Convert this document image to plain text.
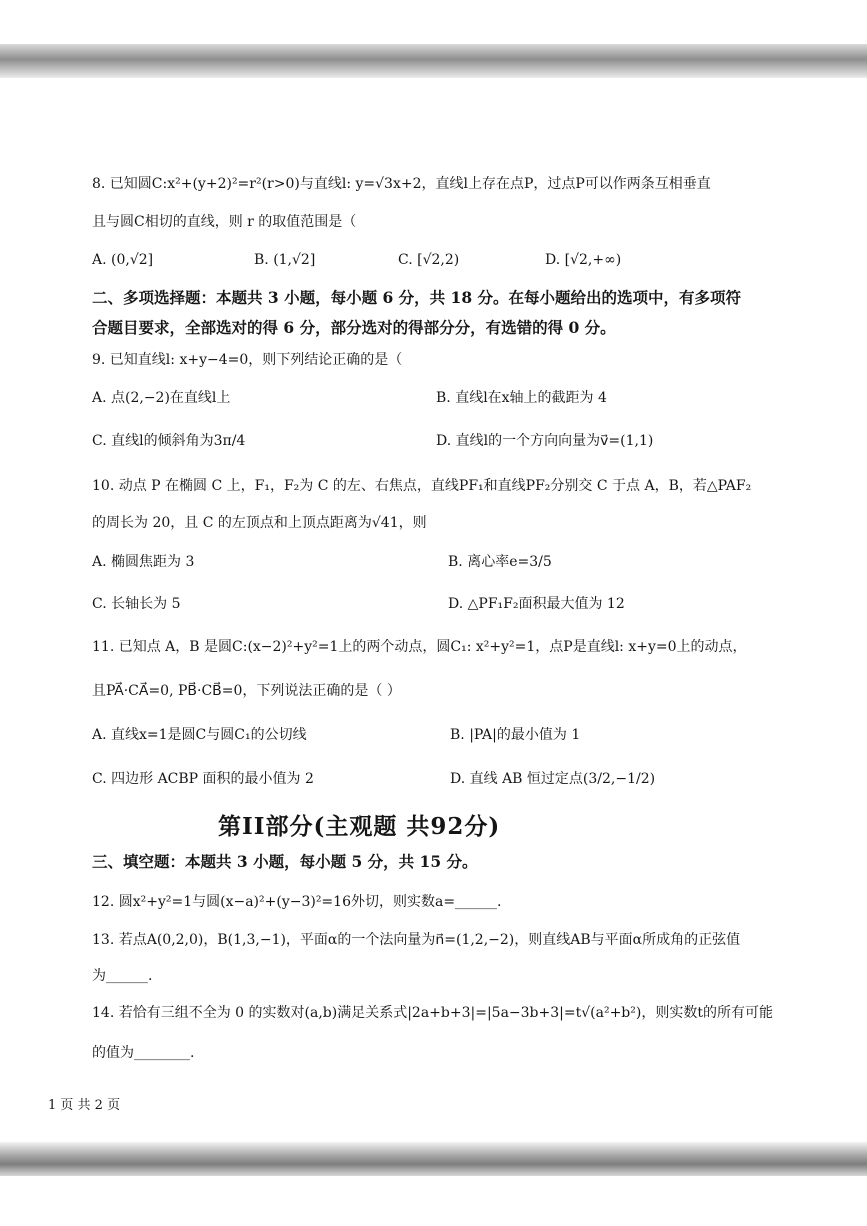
8. 已知圆C:x²+(y+2)²=r²(r>0)与直线l: y=√3x+2，直线l上存在点P，过点P可以作两条互相垂直
且与圆C相切的直线，则 r 的取值范围是（
A. (0,√2]	B. (1,√2]	C. [√2,2)	D. [√2,+∞)
二、多项选择题：本题共 3 小题，每小题 6 分，共 18 分。在每小题给出的选项中，有多项符
合题目要求，全部选对的得 6 分，部分选对的得部分分，有选错的得 0 分。
9. 已知直线l: x+y−4=0，则下列结论正确的是（
A. 点(2,−2)在直线l上	B. 直线l在x轴上的截距为 4
C. 直线l的倾斜角为3π/4	D. 直线l的一个方向向量为v⃗=(1,1)
10. 动点 P 在椭圆 C 上，F₁，F₂为 C 的左、右焦点，直线PF₁和直线PF₂分别交 C 于点 A，B，若△PAF₂
的周长为 20，且 C 的左顶点和上顶点距离为√41，则
A. 椭圆焦距为 3	B. 离心率e=3/5
C. 长轴长为 5	D. △PF₁F₂面积最大值为 12
11. 已知点 A，B 是圆C:(x−2)²+y²=1上的两个动点，圆C₁: x²+y²=1，点P是直线l: x+y=0上的动点，
且PA⃗·CA⃗=0, PB⃗·CB⃗=0，下列说法正确的是（ ）
A. 直线x=1是圆C与圆C₁的公切线	B. |PA|的最小值为 1
C. 四边形 ACBP 面积的最小值为 2	D. 直线 AB 恒过定点(3/2,−1/2)
第II部分(主观题 共92分)
三、填空题：本题共 3 小题，每小题 5 分，共 15 分。
12. 圆x²+y²=1与圆(x−a)²+(y−3)²=16外切，则实数a=______.
13. 若点A(0,2,0)，B(1,3,−1)，平面α的一个法向量为n⃗=(1,2,−2)，则直线AB与平面α所成角的正弦值
为______.
14. 若恰有三组不全为 0 的实数对(a,b)满足关系式|2a+b+3|=|5a−3b+3|=t√(a²+b²)，则实数t的所有可能
的值为________.
1 页 共 2 页
